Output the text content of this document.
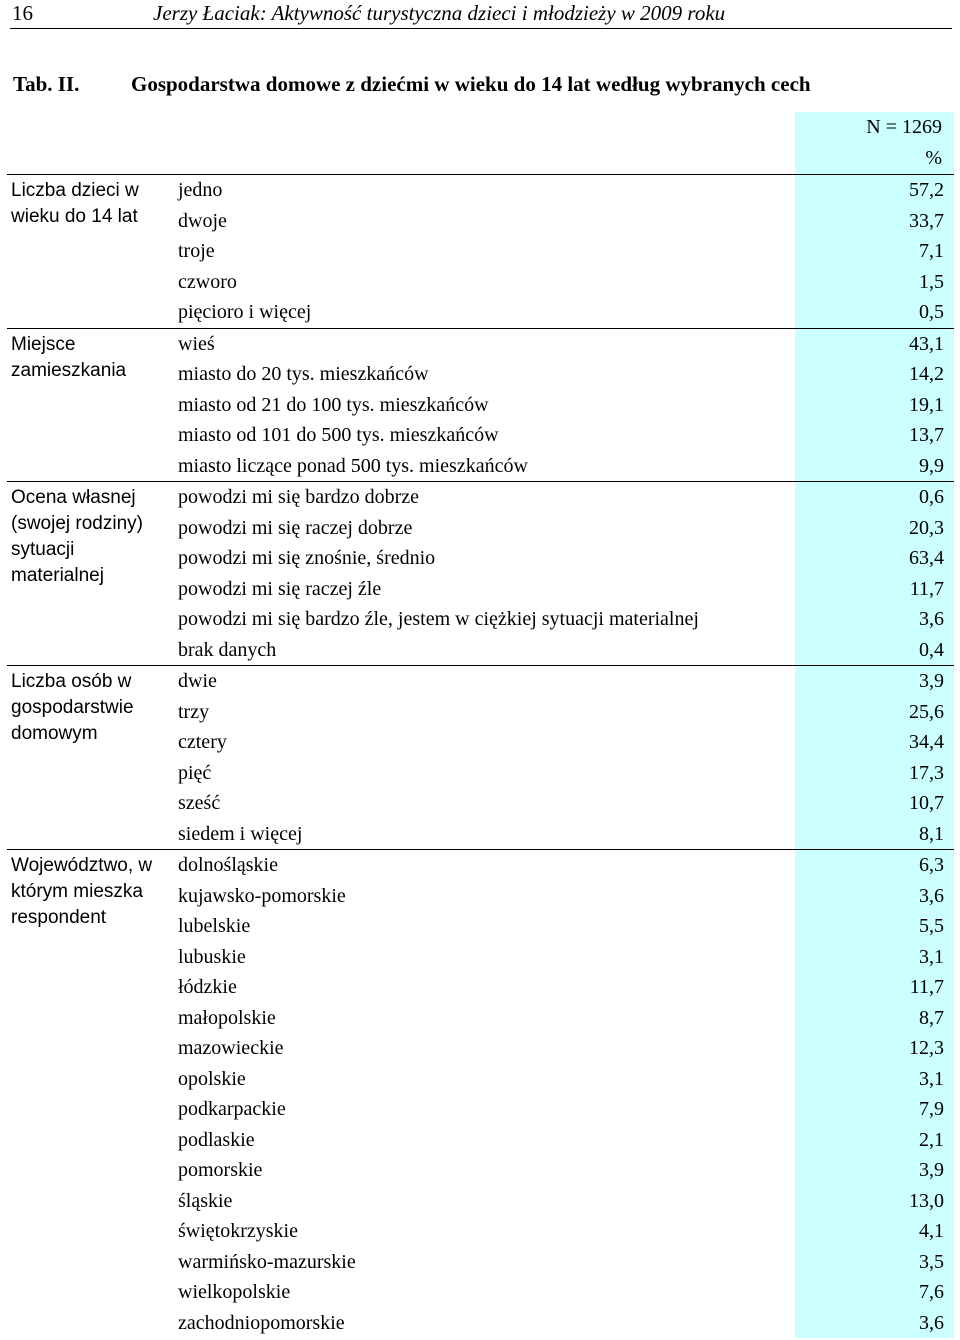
16	Jerzy Łaciak: Aktywność turystyczna dzieci i młodzieży w 2009 roku
Tab. II.	Gospodarstwa domowe z dziećmi w wieku do 14 lat według wybranych cech
		N = 1269
		%
Liczba dzieci w wieku do 14 lat	jedno	57,2
	dwoje	33,7
	troje	7,1
	czworo	1,5
	pięcioro i więcej	0,5
Miejsce zamieszkania	wieś	43,1
	miasto do 20 tys. mieszkańców	14,2
	miasto od 21 do 100 tys. mieszkańców	19,1
	miasto od 101 do 500 tys. mieszkańców	13,7
	miasto liczące ponad 500 tys. mieszkańców	9,9
Ocena własnej (swojej rodziny) sytuacji materialnej	powodzi mi się bardzo dobrze	0,6
	powodzi mi się raczej dobrze	20,3
	powodzi mi się znośnie, średnio	63,4
	powodzi mi się raczej źle	11,7
	powodzi mi się bardzo źle, jestem w ciężkiej sytuacji materialnej	3,6
	brak danych	0,4
Liczba osób w gospodarstwie domowym	dwie	3,9
	trzy	25,6
	cztery	34,4
	pięć	17,3
	sześć	10,7
	siedem i więcej	8,1
Województwo, w którym mieszka respondent	dolnośląskie	6,3
	kujawsko-pomorskie	3,6
	lubelskie	5,5
	lubuskie	3,1
	łódzkie	11,7
	małopolskie	8,7
	mazowieckie	12,3
	opolskie	3,1
	podkarpackie	7,9
	podlaskie	2,1
	pomorskie	3,9
	śląskie	13,0
	świętokrzyskie	4,1
	warmińsko-mazurskie	3,5
	wielkopolskie	7,6
	zachodniopomorskie	3,6
